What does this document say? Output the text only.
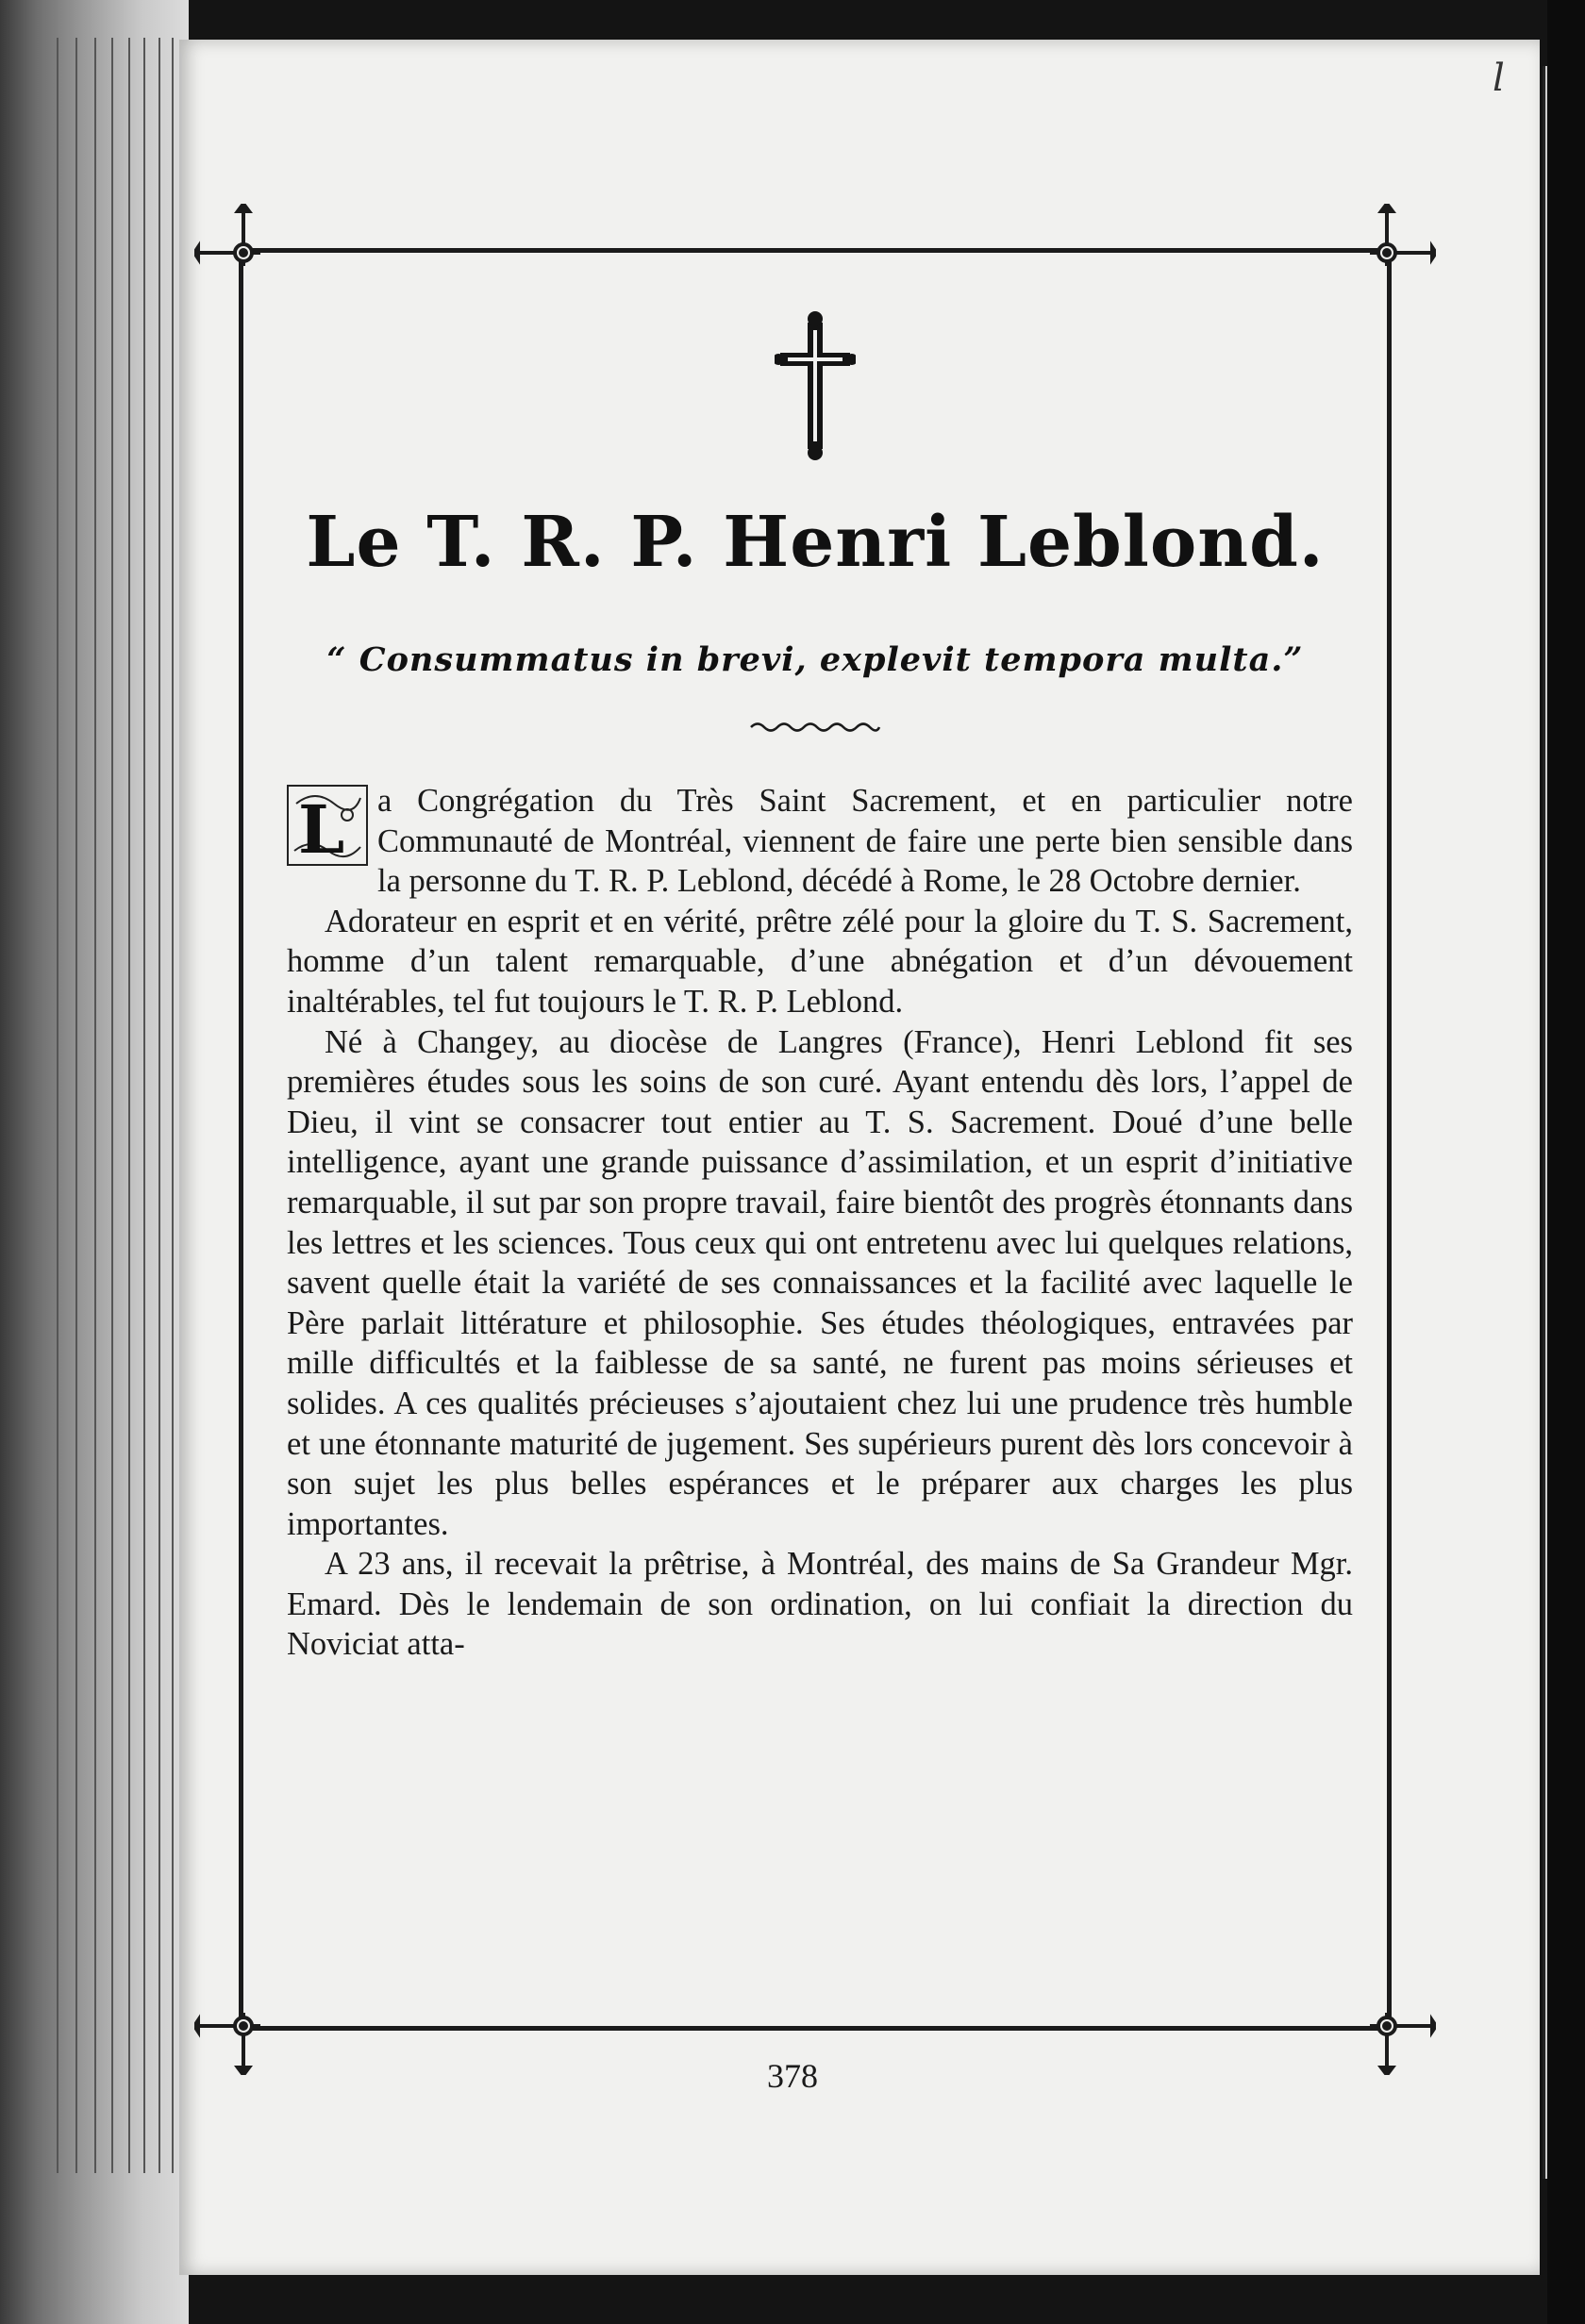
l
Le T. R. P. Henri Leblond.
“ Consummatus in brevi, explevit tempora multa.”

L a Congrégation du Très Saint Sacrement, et en particulier notre Communauté de Montréal, viennent de faire une perte bien sensible dans la personne du T. R. P. Leblond, décédé à Rome, le 28 Octobre dernier.

Adorateur en esprit et en vérité, prêtre zélé pour la gloire du T. S. Sacrement, homme d’un talent remarquable, d’une abnégation et d’un dévouement inaltérables, tel fut toujours le T. R. P. Leblond.

Né à Changey, au diocèse de Langres (France), Henri Leblond fit ses premières études sous les soins de son curé. Ayant entendu dès lors, l’appel de Dieu, il vint se consacrer tout entier au T. S. Sacrement. Doué d’une belle intelligence, ayant une grande puissance d’assimilation, et un esprit d’initiative remarquable, il sut par son propre travail, faire bientôt des progrès étonnants dans les lettres et les sciences. Tous ceux qui ont entretenu avec lui quelques relations, savent quelle était la variété de ses connaissances et la facilité avec laquelle le Père parlait littérature et philosophie. Ses études théologiques, entravées par mille difficultés et la faiblesse de sa santé, ne furent pas moins sérieuses et solides. A ces qualités précieuses s’ajoutaient chez lui une prudence très humble et une étonnante maturité de jugement. Ses supérieurs purent dès lors concevoir à son sujet les plus belles espérances et le préparer aux charges les plus importantes.

A 23 ans, il recevait la prêtrise, à Montréal, des mains de Sa Grandeur Mgr. Emard. Dès le lendemain de son ordination, on lui confiait la direction du Noviciat atta-

378
